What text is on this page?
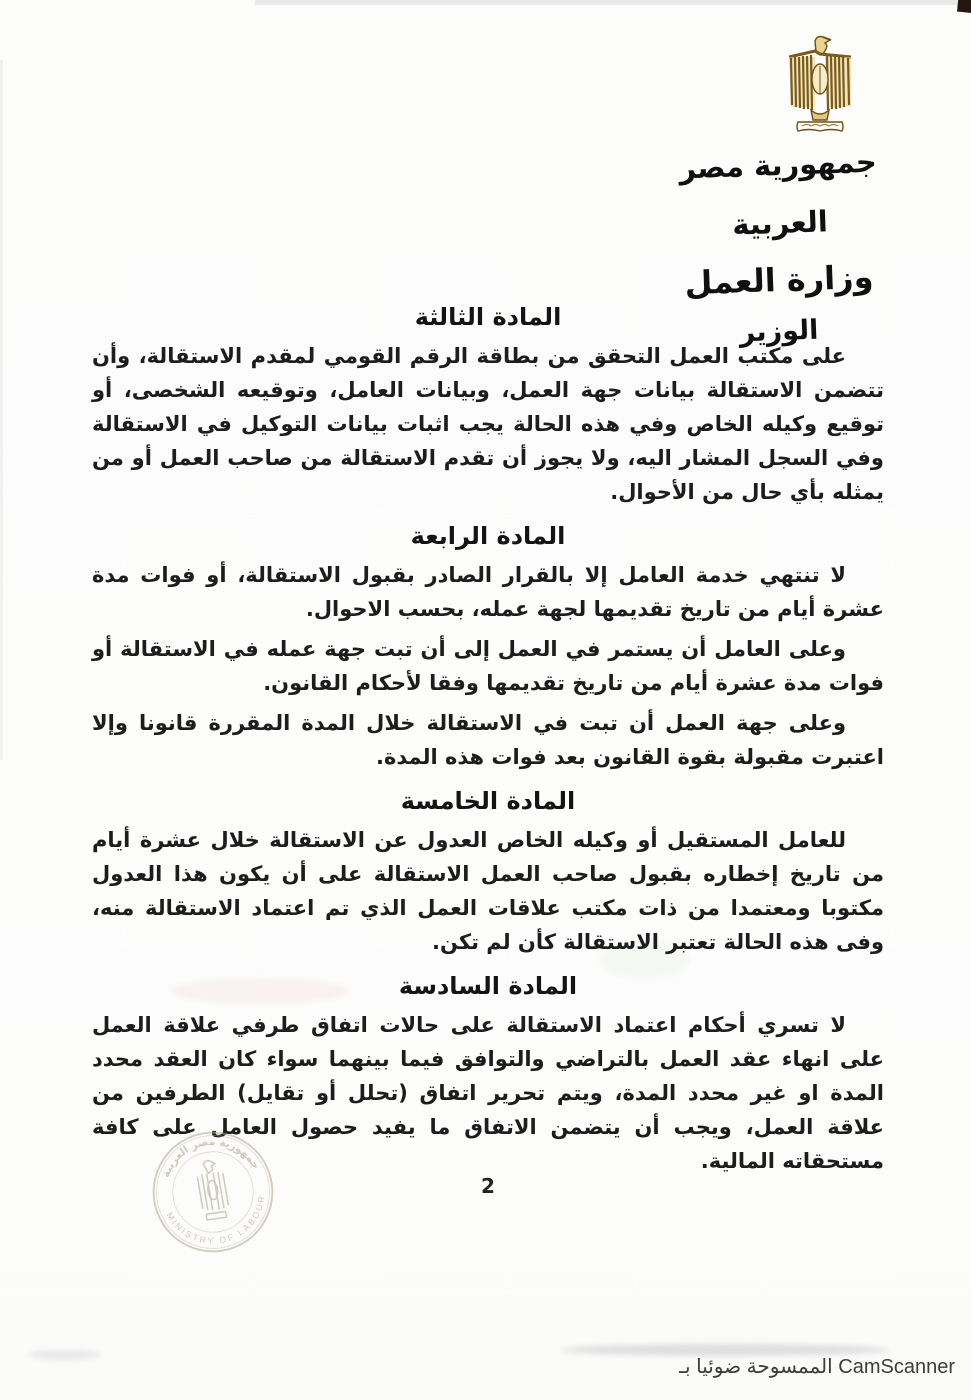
جمهورية مصر العربية
وزارة العمل
الوزير
المادة الثالثة

على مكتب العمل التحقق من بطاقة الرقم القومي لمقدم الاستقالة، وأن تتضمن الاستقالة بيانات جهة العمل، وبيانات العامل، وتوقيعه الشخصى، أو توقيع وكيله الخاص وفي هذه الحالة يجب اثبات بيانات التوكيل في الاستقالة وفي السجل المشار اليه، ولا يجوز أن تقدم الاستقالة من صاحب العمل أو من يمثله بأي حال من الأحوال.

المادة الرابعة

لا تنتهي خدمة العامل إلا بالقرار الصادر بقبول الاستقالة، أو فوات مدة عشرة أيام من تاريخ تقديمها لجهة عمله، بحسب الاحوال.

وعلى العامل أن يستمر في العمل إلى أن تبت جهة عمله في الاستقالة أو فوات مدة عشرة أيام من تاريخ تقديمها وفقا لأحكام القانون.

وعلى جهة العمل أن تبت في الاستقالة خلال المدة المقررة قانونا وإلا اعتبرت مقبولة بقوة القانون بعد فوات هذه المدة.

المادة الخامسة

للعامل المستقيل أو وكيله الخاص العدول عن الاستقالة خلال عشرة أيام من تاريخ إخطاره بقبول صاحب العمل الاستقالة على أن يكون هذا العدول مكتوبا ومعتمدا من ذات مكتب علاقات العمل الذي تم اعتماد الاستقالة منه، وفى هذه الحالة تعتبر الاستقالة كأن لم تكن.

المادة السادسة

لا تسري أحكام اعتماد الاستقالة على حالات اتفاق طرفي علاقة العمل على انهاء عقد العمل بالتراضي والتوافق فيما بينهما سواء كان العقد محدد المدة او غير محدد المدة، ويتم تحرير اتفاق (تحلل أو تقايل) الطرفين من علاقة العمل، ويجب أن يتضمن الاتفاق ما يفيد حصول العامل على كافة مستحقاته المالية.

جمهورية مصر العربية
MINISTRY OF LABOUR
2
الممسوحة ضوئيا بـ CamScanner
